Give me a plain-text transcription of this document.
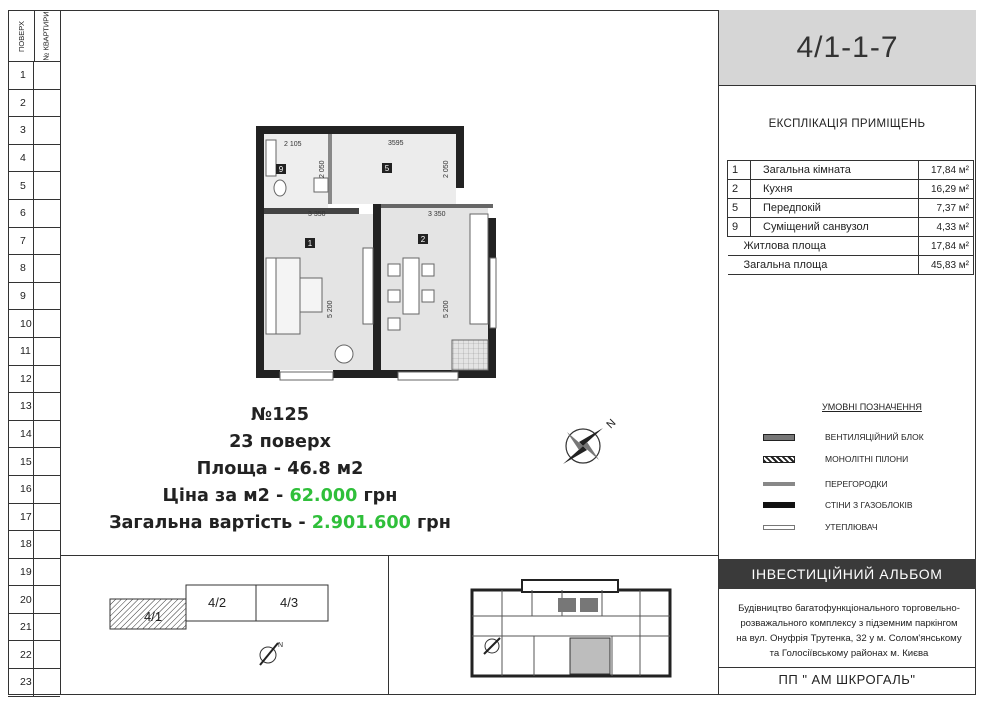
ПОВЕРХ № КВАРТИРИ
1
2
3
4
5
6
7
8
9
10
11
12
13
14
15
16
17
18
19
20
21
22
23
4/1-1-7
ЕКСПЛІКАЦІЯ ПРИМІЩЕНЬ
1	Загальна кімната	17,84 м²
2	Кухня	16,29 м²
5	Передпокій	7,37 м²
9	Суміщений санвузол	4,33 м²
Житлова площа		17,84 м²
Загальна площа		45,83 м²
УМОВНІ ПОЗНАЧЕННЯ
ВЕНТИЛЯЦІЙНИЙ БЛОК
МОНОЛІТНІ ПІЛОНИ
ПЕРЕГОРОДКИ
СТІНИ З ГАЗОБЛОКІВ
УТЕПЛЮВАЧ
ІНВЕСТИЦІЙНИЙ АЛЬБОМ
Будівництво багатофункціонального торговельно-
розважального комплексу з підземним паркінгом
на вул. Онуфрія Трутенка, 32 у м. Солом'янському
та Голосіївському районах м. Києва
ПП " АМ ШКРОГАЛЬ"
1	2
5
9
2 105	3595
2 050	2 050
3 350	3 350
5 200	5 200
№125
23 поверх
Площа - 46.8 м2
Ціна за м2 - 62.000 грн
Загальна вартість - 2.901.600 грн
N
4/1
4/2	4/3
N
